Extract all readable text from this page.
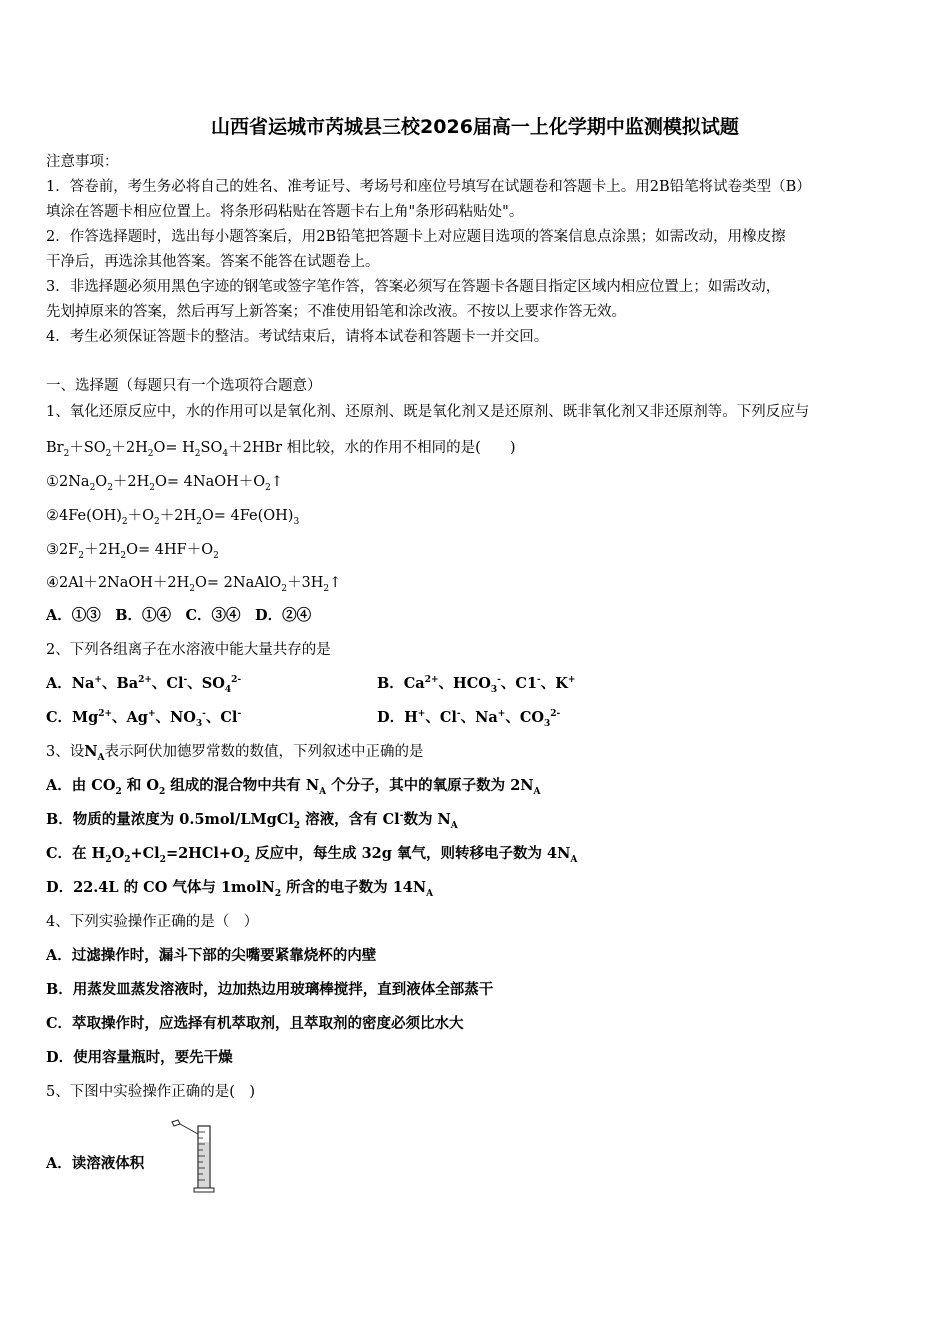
山西省运城市芮城县三校2026届高一上化学期中监测模拟试题
注意事项：
1．答卷前，考生务必将自己的姓名、准考证号、考场号和座位号填写在试题卷和答题卡上。用2B铅笔将试卷类型（B）
填涂在答题卡相应位置上。将条形码粘贴在答题卡右上角"条形码粘贴处"。
2．作答选择题时，选出每小题答案后，用2B铅笔把答题卡上对应题目选项的答案信息点涂黑；如需改动，用橡皮擦
干净后，再选涂其他答案。答案不能答在试题卷上。
3．非选择题必须用黑色字迹的钢笔或签字笔作答，答案必须写在答题卡各题目指定区域内相应位置上；如需改动，
先划掉原来的答案，然后再写上新答案；不准使用铅笔和涂改液。不按以上要求作答无效。
4．考生必须保证答题卡的整洁。考试结束后，请将本试卷和答题卡一并交回。
一、选择题（每题只有一个选项符合题意）
1、氧化还原反应中，水的作用可以是氧化剂、还原剂、既是氧化剂又是还原剂、既非氧化剂又非还原剂等。下列反应与
$Br_2+SO_2+2H_2O= H_2SO_4+2HBr$ 相比较，水的作用不相同的是(　　)
$①2Na_2O_2+2H_2O=$ $4NaOH+O_2↑$
$②4Fe(OH)_2+O_2+2H_2O= 4Fe(OH)_3$
$③2F_2+2H_2O= 4HF+O_2$
$④2Al+2NaOH+2H_2O=$ $2NaAlO_2+3H_2↑$
A．①③　B．①④　C．③④　D．②④
2、下列各组离子在水溶液中能大量共存的是
A．Na+、$Ba^{2+}$、Cl-、$SO_4^{2-}$	B．$Ca^{2+}$、$HCO_3^-$、C1-、K+
C．$Mg^{2+}$、Ag+、$NO_3^-$、Cl-	D．H+、Cl-、Na+、$CO_3^{2-}$
3、设$N_A$表示阿伏加德罗常数的数值，下列叙述中正确的是
A．由 $CO_2$ 和 $O_2$ 组成的混合物中共有 $N_A$ 个分子，其中的氧原子数为 $2N_A$
B．物质的量浓度为 0.5mol/LMgCl$_2$ 溶液，含有 Cl-数为 $N_A$
C．在 $H_2O_2+Cl_2=2HCl+O_2$ 反应中，每生成 32g 氧气，则转移电子数为 $4N_A$
D．22.4L 的 CO 气体与 1molN$_2$ 所含的电子数为 $14N_A$
4、下列实验操作正确的是（　）
A．过滤操作时，漏斗下部的尖嘴要紧靠烧杯的内壁
B．用蒸发皿蒸发溶液时，边加热边用玻璃棒搅拌，直到液体全部蒸干
C．萃取操作时，应选择有机萃取剂，且萃取剂的密度必须比水大
D．使用容量瓶时，要先干燥
5、下图中实验操作正确的是(　)
A．读溶液体积
